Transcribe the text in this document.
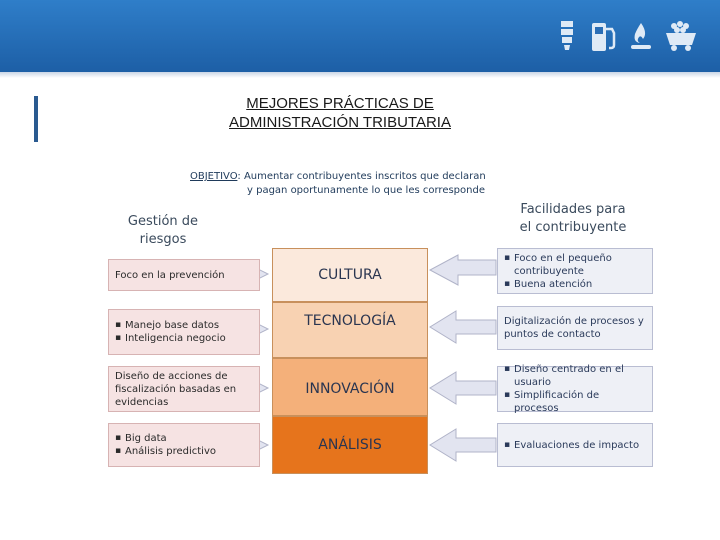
MEJORES PRÁCTICAS DE
ADMINISTRACIÓN TRIBUTARIA
OBJETIVO: Aumentar contribuyentes inscritos que declaran
y pagan oportunamente lo que les corresponde
Gestión de
riesgos
Facilidades para
el contribuyente
Foco en la prevención
▪ Manejo base datos
▪ Inteligencia negocio
Diseño de acciones de fiscalización basadas en evidencias
▪ Big data
▪ Análisis predictivo
CULTURA
TECNOLOGÍA
INNOVACIÓN
ANÁLISIS
▪ Foco en el pequeño contribuyente
▪ Buena atención
Digitalización de procesos y puntos de contacto
▪ Diseño centrado en el usuario
▪ Simplificación de procesos
▪ Evaluaciones de impacto
